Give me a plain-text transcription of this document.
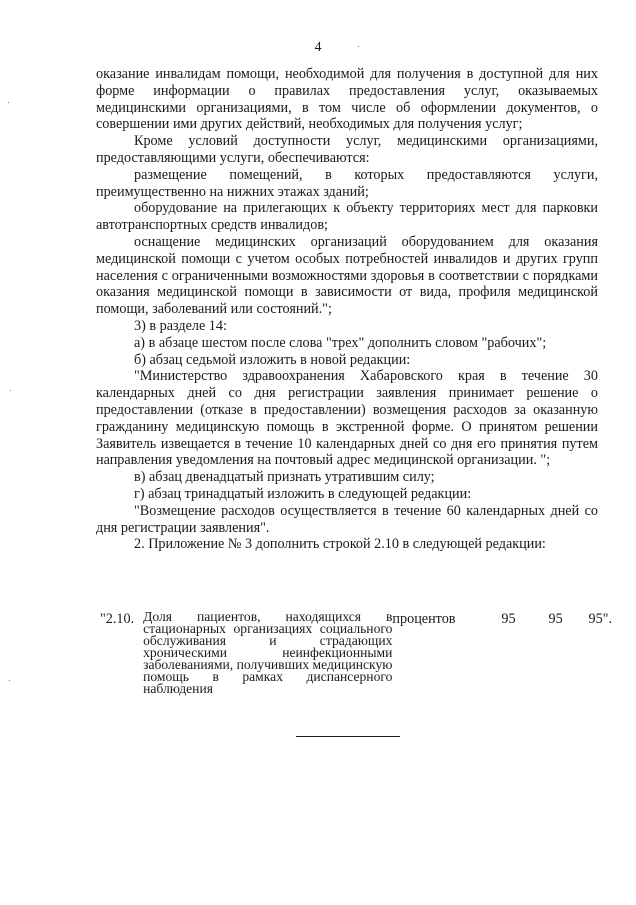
4

оказание инвалидам помощи, необходимой для получения в доступной для них форме информации о правилах предоставления услуг, оказываемых медицинскими организациями, в том числе об оформлении документов, о совершении ими других действий, необходимых для получения услуг;

Кроме условий доступности услуг, медицинскими организациями, предоставляющими услуги, обеспечиваются:

размещение помещений, в которых предоставляются услуги, преимущественно на нижних этажах зданий;

оборудование на прилегающих к объекту территориях мест для парковки автотранспортных средств инвалидов;

оснащение медицинских организаций оборудованием для оказания медицинской помощи с учетом особых потребностей инвалидов и других групп населения с ограниченными возможностями здоровья в соответствии с порядками оказания медицинской помощи в зависимости от вида, профиля медицинской помощи, заболеваний или состояний.";

3) в разделе 14:

а) в абзаце шестом после слова "трех" дополнить словом "рабочих";

б) абзац седьмой изложить в новой редакции:

"Министерство здравоохранения Хабаровского края в течение 30 календарных дней со дня регистрации заявления принимает решение о предоставлении (отказе в предоставлении) возмещения расходов за оказанную гражданину медицинскую помощь в экстренной форме. О принятом решении Заявитель извещается в течение 10 календарных дней со дня его принятия путем направления уведомления на почтовый адрес медицинской организации. ";

в) абзац двенадцатый признать утратившим силу;

г) абзац тринадцатый изложить в следующей редакции:

"Возмещение расходов осуществляется в течение 60 календарных дней со дня регистрации заявления".

2. Приложение № 3 дополнить строкой 2.10 в следующей редакции:

"2.10.	Доля пациентов, находящихся в стационарных организациях социального обслуживания и страдающих хроническими неинфекционными заболеваниями, получивших медицинскую помощь в рамках диспансерного наблюдения	процентов	95	95	95".
